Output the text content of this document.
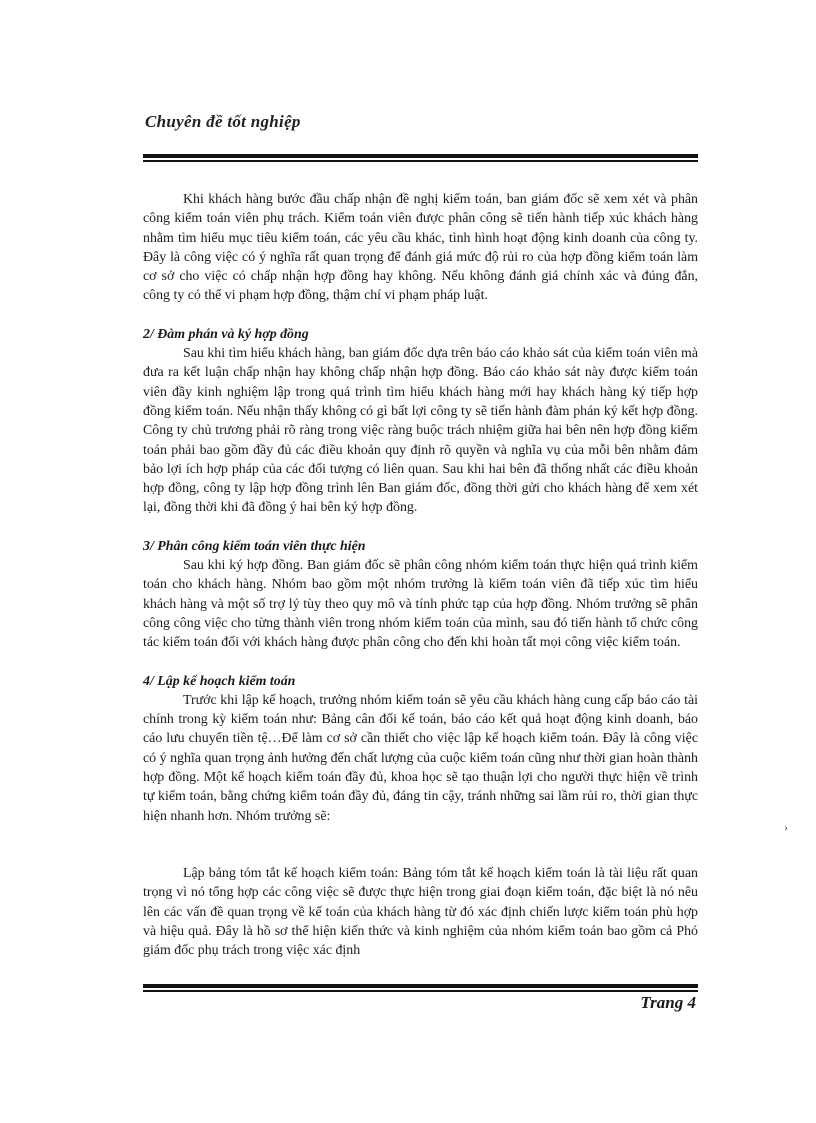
Chuyên đề tốt nghiệp

Khi khách hàng bước đầu chấp nhận đề nghị kiểm toán, ban giám đốc sẽ xem xét và phân công kiểm toán viên phụ trách. Kiểm toán viên được phân công sẽ tiến hành tiếp xúc khách hàng nhằm tìm hiểu mục tiêu kiểm toán, các yêu cầu khác, tình hình hoạt động kinh doanh của công ty. Đây là công việc có ý nghĩa rất quan trọng để đánh giá mức độ rủi ro của hợp đồng kiểm toán làm cơ sở cho việc có chấp nhận hợp đồng hay không. Nếu không đánh giá chính xác và đúng đắn, công ty có thể vi phạm hợp đồng, thậm chí vi phạm pháp luật.

2/ Đàm phán và ký hợp đồng

Sau khi tìm hiểu khách hàng, ban giám đốc dựa trên báo cáo khảo sát của kiểm toán viên mà đưa ra kết luận chấp nhận hay không chấp nhận hợp đồng. Báo cáo khảo sát này được kiểm toán viên đầy kinh nghiệm lập trong quá trình tìm hiểu khách hàng mới hay khách hàng ký tiếp hợp đồng kiểm toán. Nếu nhận thấy không có gì bất lợi công ty sẽ tiến hành đàm phán ký kết hợp đồng. Công ty chủ trương phải rõ ràng trong việc ràng buộc trách nhiệm giữa hai bên nên hợp đồng kiểm toán phải bao gồm đầy đủ các điều khoản quy định rõ quyền và nghĩa vụ của mỗi bên nhằm đảm bảo lợi ích hợp pháp của các đối tượng có liên quan. Sau khi hai bên đã thống nhất các điều khoản hợp đồng, công ty lập hợp đồng trình lên Ban giám đốc, đồng thời gửi cho khách hàng để xem xét lại, đồng thời khi đã đồng ý hai bên ký hợp đồng.

3/ Phân công kiểm toán viên thực hiện

Sau khi ký hợp đồng. Ban giám đốc sẽ phân công nhóm kiểm toán thực hiện quá trình kiểm toán cho khách hàng. Nhóm bao gồm một nhóm trưởng là kiểm toán viên đã tiếp xúc tìm hiểu khách hàng và một số trợ lý tùy theo quy mô và tính phức tạp của hợp đồng. Nhóm trưởng sẽ phân công công việc cho từng thành viên trong nhóm kiểm toán của mình, sau đó tiến hành tổ chức công tác kiểm toán đối với khách hàng được phân công cho đến khi hoàn tất mọi công việc kiểm toán.

4/ Lập kế hoạch kiểm toán

Trước khi lập kế hoạch, trưởng nhóm kiểm toán sẽ yêu cầu khách hàng cung cấp báo cáo tài chính trong kỳ kiểm toán như: Bảng cân đối kế toán, báo cáo kết quả hoạt động kinh doanh, báo cáo lưu chuyển tiền tệ…Để làm cơ sở cần thiết cho việc lập kế hoạch kiểm toán. Đây là công việc có ý nghĩa quan trọng ảnh hưởng đến chất lượng của cuộc kiểm toán cũng như thời gian hoàn thành hợp đồng. Một kế hoạch kiểm toán đầy đủ, khoa học sẽ tạo thuận lợi cho người thực hiện về trình tự kiểm toán, bằng chứng kiểm toán đầy đủ, đáng tin cậy, tránh những sai lầm rủi ro, thời gian thực hiện nhanh hơn. Nhóm trưởng sẽ:

Lập bảng tóm tắt kế hoạch kiểm toán: Bảng tóm tắt kế hoạch kiểm toán là tài liệu rất quan trọng vì nó tổng hợp các công việc sẽ được thực hiện trong giai đoạn kiểm toán, đặc biệt là nó nêu lên các vấn đề quan trọng về kế toán của khách hàng từ đó xác định chiến lược kiểm toán phù hợp và hiệu quả. Đây là hồ sơ thể hiện kiến thức và kinh nghiệm của nhóm kiểm toán bao gồm cả Phó giám đốc phụ trách trong việc xác định

›
Trang 4
